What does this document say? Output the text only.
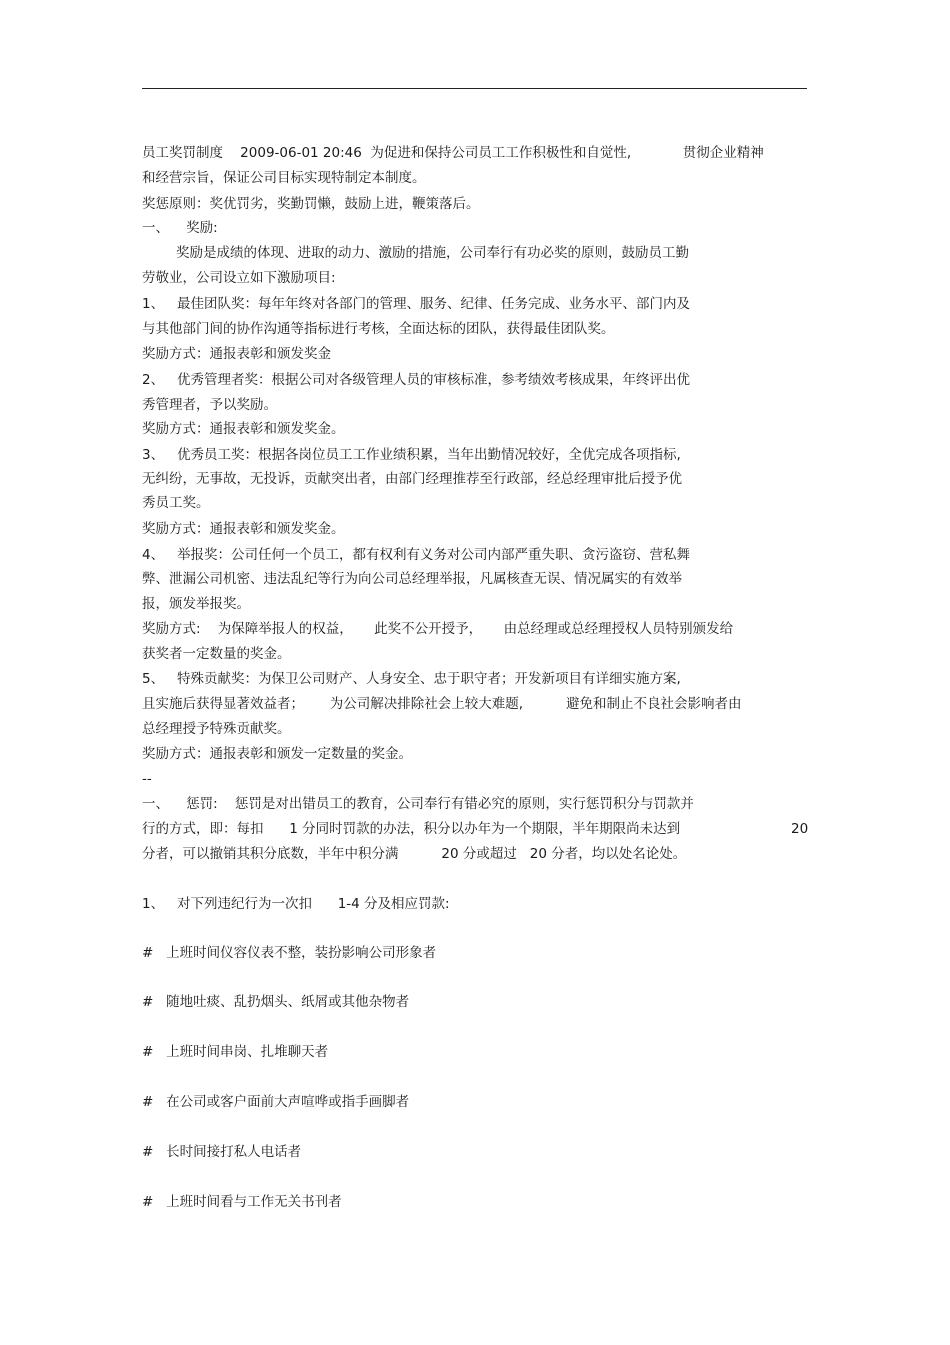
员工奖罚制度 2009-06-01 20:46 为促进和保持公司员工工作积极性和自觉性,	贯彻企业精神
和经营宗旨，保证公司目标实现特制定本制度。
奖惩原则：奖优罚劣，奖勤罚懒，鼓励上进，鞭策落后。
一、    奖励:
奖励是成绩的体现、进取的动力、激励的措施，公司奉行有功必奖的原则，鼓励员工勤
劳敬业，公司设立如下激励项目:
1、   最佳团队奖：每年年终对各部门的管理、服务、纪律、任务完成、业务水平、部门内及
与其他部门间的协作沟通等指标进行考核，全面达标的团队，获得最佳团队奖。
奖励方式：通报表彰和颁发奖金
2、   优秀管理者奖：根据公司对各级管理人员的审核标准，参考绩效考核成果，年终评出优
秀管理者，予以奖励。
奖励方式：通报表彰和颁发奖金。
3、   优秀员工奖：根据各岗位员工工作业绩积累，当年出勤情况较好，全优完成各项指标,
无纠纷，无事故，无投诉，贡献突出者，由部门经理推荐至行政部，经总经理审批后授予优
秀员工奖。
奖励方式：通报表彰和颁发奖金。
4、   举报奖：公司任何一个员工，都有权利有义务对公司内部严重失职、贪污盗窃、营私舞
弊、泄漏公司机密、违法乱纪等行为向公司总经理举报，凡属核查无误、情况属实的有效举
报，颁发举报奖。
奖励方式:    为保障举报人的权益，     此奖不公开授予，     由总经理或总经理授权人员特别颁发给
获奖者一定数量的奖金。
5、   特殊贡献奖：为保卫公司财产、人身安全、忠于职守者；开发新项目有详细实施方案,
且实施后获得显著效益者；      为公司解决排除社会上较大难题,          避免和制止不良社会影响者由
总经理授予特殊贡献奖。
奖励方式：通报表彰和颁发一定数量的奖金。
--
一、    惩罚:    惩罚是对出错员工的教育，公司奉行有错必究的原则，实行惩罚积分与罚款并
行的方式，即：每扣      1 分同时罚款的办法，积分以办年为一个期限，半年期限尚未达到	20
分者，可以撤销其积分底数，半年中积分满          20 分或超过   20 分者，均以处名论处。
1、   对下列违纪行为一次扣      1-4 分及相应罚款:
#   上班时间仪容仪表不整，装扮影响公司形象者
#   随地吐痰、乱扔烟头、纸屑或其他杂物者
#   上班时间串岗、扎堆聊天者
#   在公司或客户面前大声喧哗或指手画脚者
#   长时间接打私人电话者
#   上班时间看与工作无关书刊者
